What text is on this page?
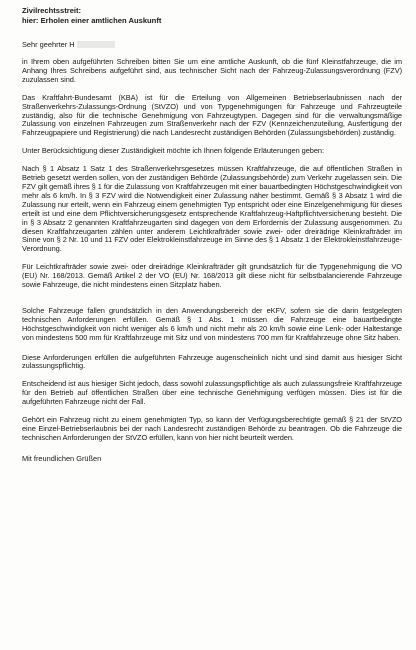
Zivilrechtsstreit:
hier: Erholen einer amtlichen Auskunft
Sehr geehrter H

in Ihrem oben aufgeführten Schreiben bitten Sie um eine amtliche Auskunft, ob die fünf Kleinstfahrzeuge, die im Anhang Ihres Schreibens aufgeführt sind, aus technischer Sicht nach der Fahrzeug-Zulassungsverordnung (FZV) zuzulassen sind.

Das Kraftfahrt-Bundesamt (KBA) ist für die Erteilung von Allgemeinen Betriebserlaubnissen nach der Straßenverkehrs-Zulassungs-Ordnung (StVZO) und von Typgenehmigungen für Fahrzeuge und Fahrzeugteile zuständig, also für die technische Genehmigung von Fahrzeugtypen. Dagegen sind für die verwaltungsmäßige Zulassung von einzelnen Fahrzeugen zum Straßenverkehr nach der FZV (Kennzeichenzuteilung, Ausfertigung der Fahrzeugpapiere und Registrierung) die nach Landesrecht zuständigen Behörden (Zulassungsbehörden) zuständig.

Unter Berücksichtigung dieser Zuständigkeit möchte ich Ihnen folgende Erläuterungen geben:

Nach § 1 Absatz 1 Satz 1 des Straßenverkehrsgesetzes müssen Kraftfahrzeuge, die auf öffentlichen Straßen in Betrieb gesetzt werden sollen, von der zuständigen Behörde (Zulassungsbehörde) zum Verkehr zugelassen sein. Die FZV gilt gemäß ihres § 1 für die Zulassung von Kraftfahrzeugen mit einer bauartbedingten Höchstgeschwindigkeit von mehr als 6 km/h. In § 3 FZV wird die Notwendigkeit einer Zulassung näher bestimmt. Gemäß § 3 Absatz 1 wird die Zulassung nur erteilt, wenn ein Fahrzeug einem genehmigten Typ entspricht oder eine Einzelgenehmigung für dieses erteilt ist und eine dem Pflichtversicherungsgesetz entsprechende Kraftfahrzeug-Haftpflichtversicherung besteht. Die in § 3 Absatz 2 genannten Kraftfahrzeugarten sind dagegen von dem Erfordernis der Zulassung ausgenommen. Zu diesen Kraftfahrzeugarten zählen unter anderem Leichtkrafträder sowie zwei- oder dreirädrige Kleinkrafträder im Sinne von § 2 Nr. 10 und 11 FZV oder Elektrokleinstfahrzeuge im Sinne des § 1 Absatz 1 der Elektrokleinstfahrzeuge-Verordnung.

Für Leichtkrafträder sowie zwei- oder dreirädrige Kleinkrafträder gilt grundsätzlich für die Typgenehmigung die VO (EU) Nr. 168/2013. Gemäß Artikel 2 der VO (EU) Nr. 168/2013 gilt diese nicht für selbstbalancierende Fahrzeuge sowie Fahrzeuge, die nicht mindestens einen Sitzplatz haben.

Solche Fahrzeuge fallen grundsätzlich in den Anwendungsbereich der eKFV, sofern sie die darin festgelegten technischen Anforderungen erfüllen. Gemäß § 1 Abs. 1 müssen die Fahrzeuge eine bauartbedingte Höchstgeschwindigkeit von nicht weniger als 6 km/h und nicht mehr als 20 km/h sowie eine Lenk- oder Haltestange von mindestens 500 mm für Kraftfahrzeuge mit Sitz und von mindestens 700 mm für Kraftfahrzeuge ohne Sitz haben.

Diese Anforderungen erfüllen die aufgeführten Fahrzeuge augenscheinlich nicht und sind damit aus hiesiger Sicht zulassungspflichtig.

Entscheidend ist aus hiesiger Sicht jedoch, dass sowohl zulassungspflichtige als auch zulassungsfreie Kraftfahrzeuge für den Betrieb auf öffentlichen Straßen über eine technische Genehmigung verfügen müssen. Dies ist für die aufgeführten Fahrzeuge nicht der Fall.

Gehört ein Fahrzeug nicht zu einem genehmigten Typ, so kann der Verfügungsberechtigte gemäß § 21 der StVZO eine Einzel-Betriebserlaubnis bei der nach Landesrecht zuständigen Behörde zu beantragen. Ob die Fahrzeuge die technischen Anforderungen der StVZO erfüllen, kann von hier nicht beurteilt werden.

Mit freundlichen Grüßen
